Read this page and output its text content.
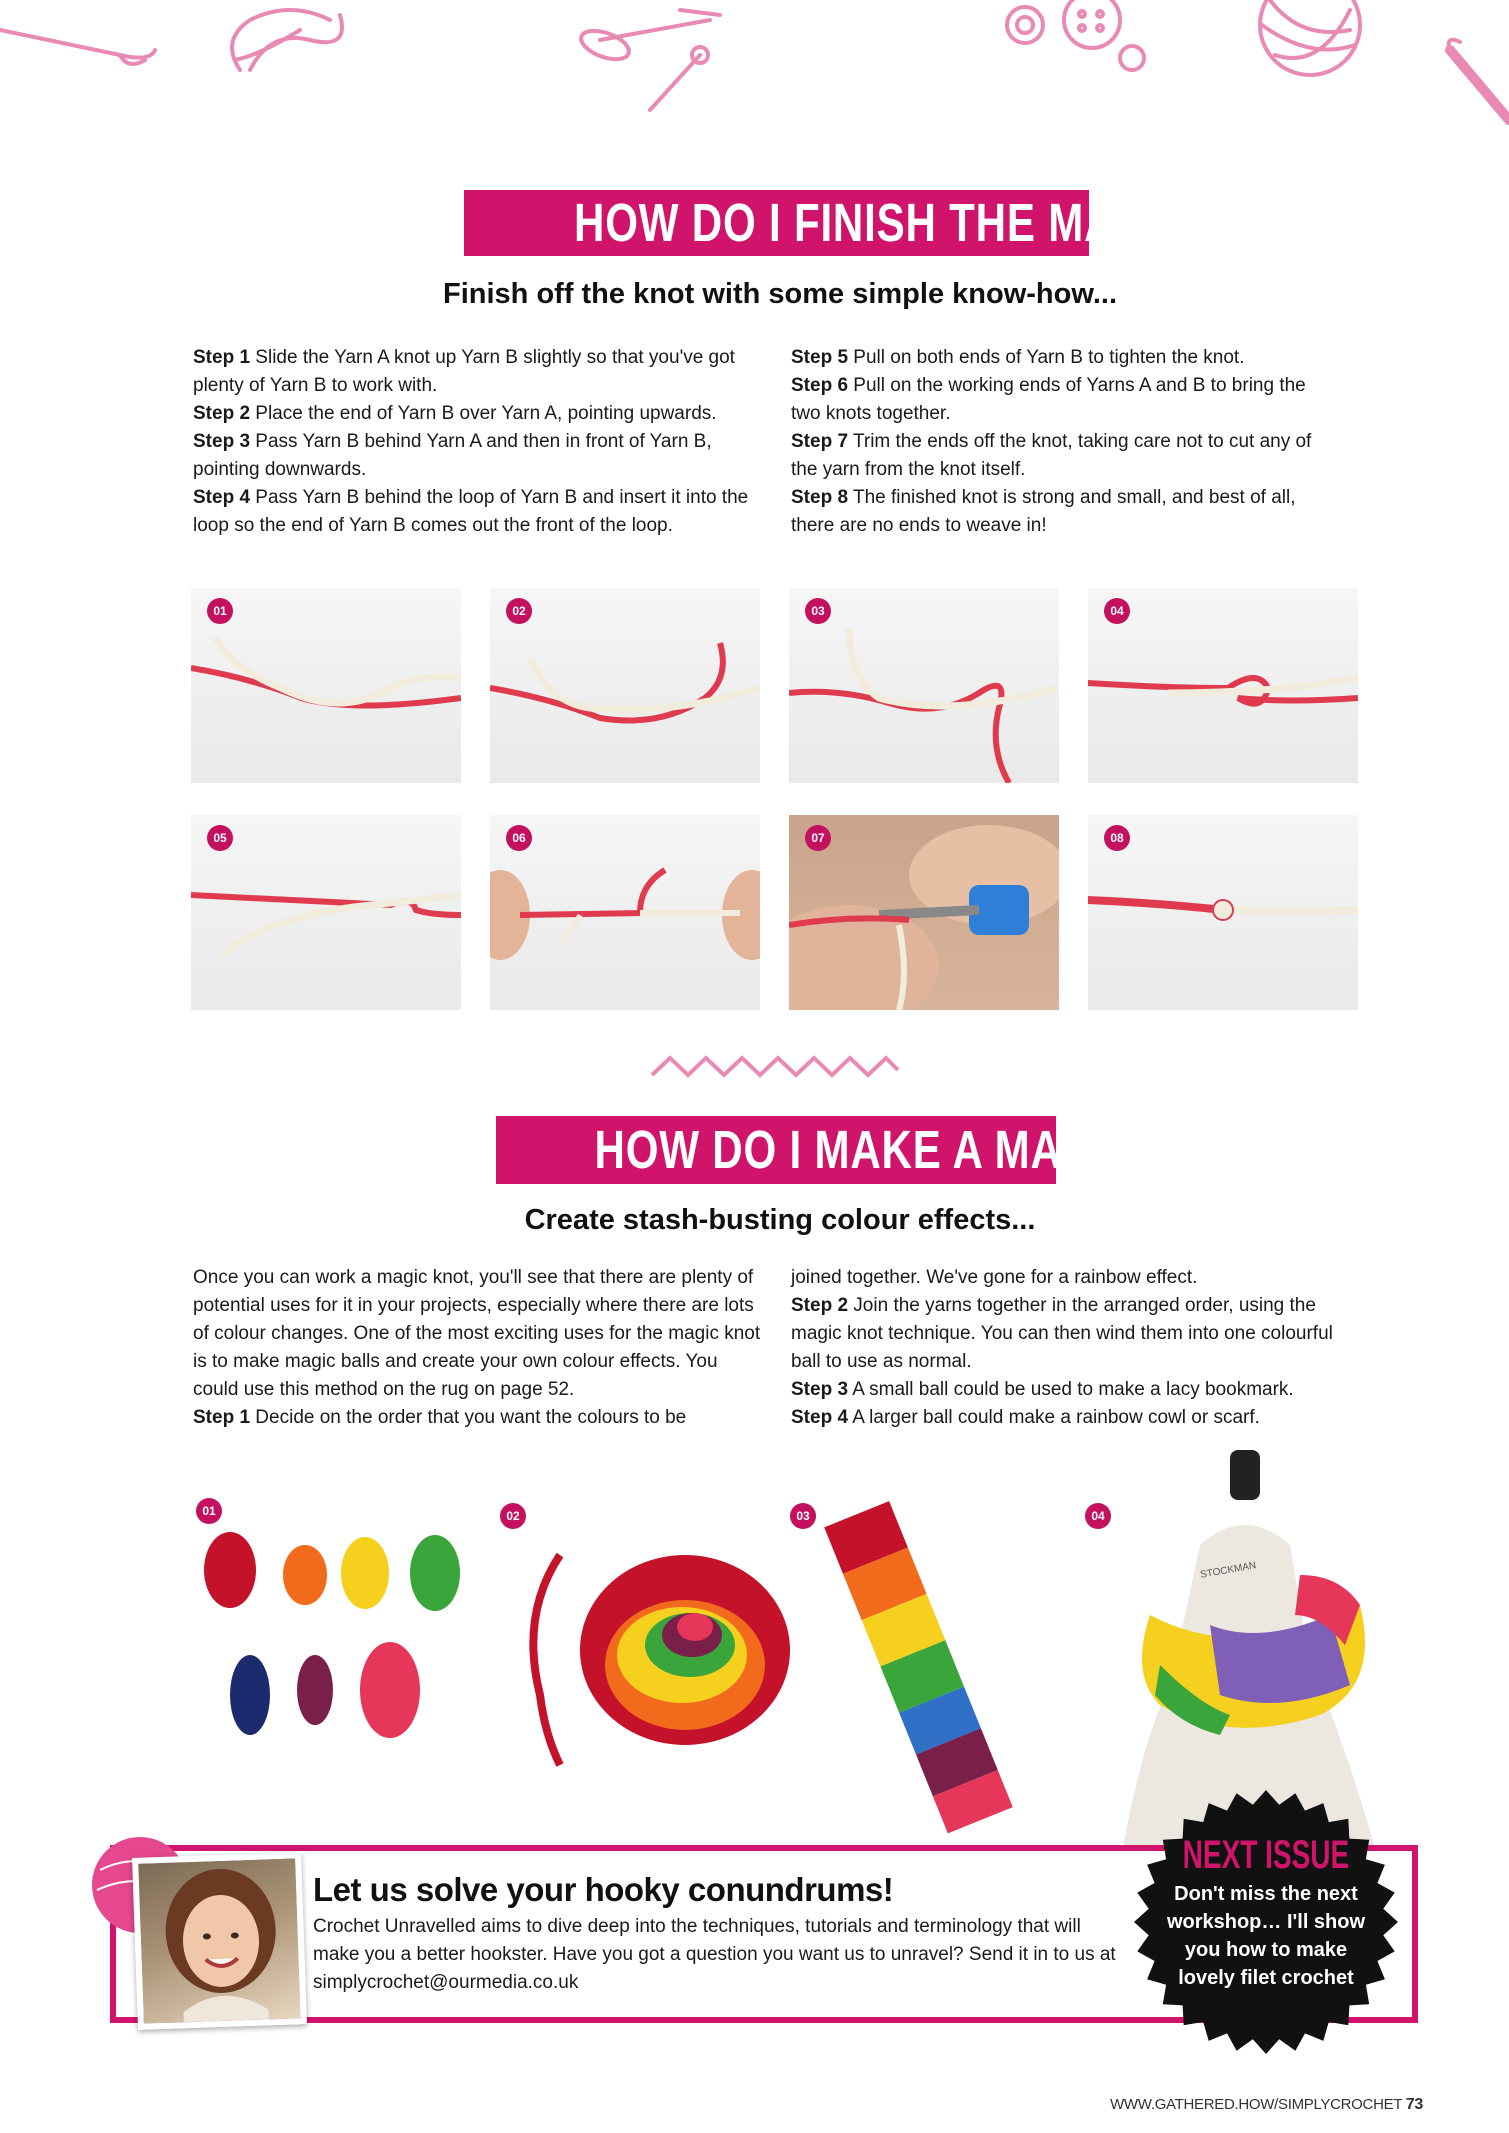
HOW DO I FINISH THE MAGIC KNOT?
Finish off the knot with some simple know-how...

Step 1 Slide the Yarn A knot up Yarn B slightly so that you've got plenty of Yarn B to work with.

Step 2 Place the end of Yarn B over Yarn A, pointing upwards.

Step 3 Pass Yarn B behind Yarn A and then in front of Yarn B, pointing downwards.

Step 4 Pass Yarn B behind the loop of Yarn B and insert it into the loop so the end of Yarn B comes out the front of the loop.

Step 5 Pull on both ends of Yarn B to tighten the knot.

Step 6 Pull on the working ends of Yarns A and B to bring the two knots together.

Step 7 Trim the ends off the knot, taking care not to cut any of the yarn from the knot itself.

Step 8 The finished knot is strong and small, and best of all, there are no ends to weave in!

01	02	03	04
05	06	07	08
HOW DO I MAKE A MAGIC BALL?
Create stash-busting colour effects...

Once you can work a magic knot, you'll see that there are plenty of potential uses for it in your projects, especially where there are lots of colour changes. One of the most exciting uses for the magic knot is to make magic balls and create your own colour effects. You could use this method on the rug on page 52.

Step 1 Decide on the order that you want the colours to be

joined together. We've gone for a rainbow effect.

Step 2 Join the yarns together in the arranged order, using the magic knot technique. You can then wind them into one colourful ball to use as normal.

Step 3 A small ball could be used to make a lacy bookmark.

Step 4 A larger ball could make a rainbow cowl or scarf.

01	02	03	04
STOCKMAN
Let us solve your hooky conundrums!
Crochet Unravelled aims to dive deep into the techniques, tutorials and terminology that will make you a better hookster. Have you got a question you want us to unravel? Send it in to us at simplycrochet@ourmedia.co.uk
NEXT ISSUE
Don't miss the next workshop… I'll show you how to make lovely filet crochet
WWW.GATHERED.HOW/SIMPLYCROCHET 73
